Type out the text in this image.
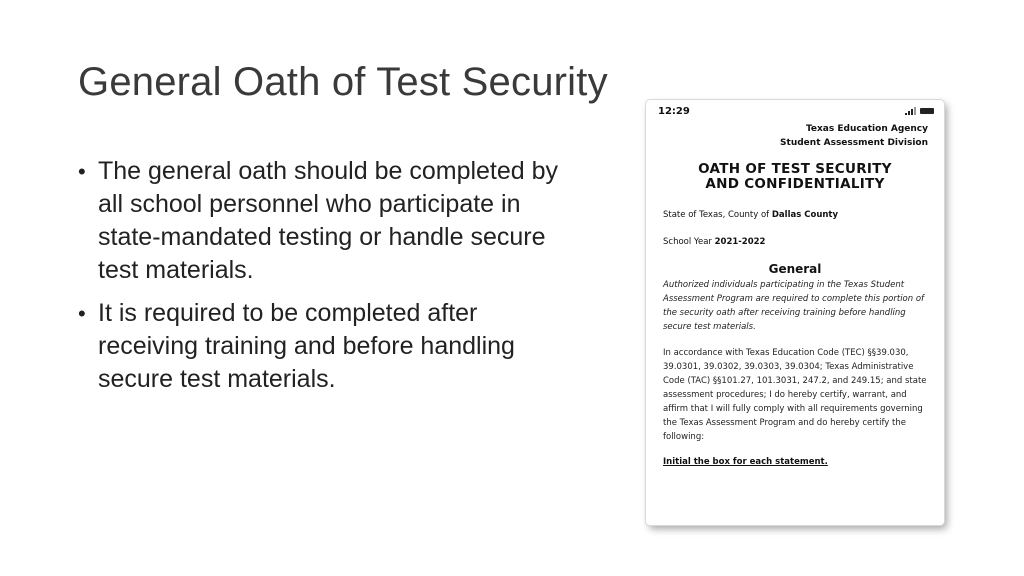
General Oath of Test Security
• The general oath should be completed by all school personnel who participate in state-mandated testing or handle secure test materials.
• It is required to be completed after receiving training and before handling secure test materials.
12:29
Texas Education Agency
Student Assessment Division
OATH OF TEST SECURITY
AND CONFIDENTIALITY
State of Texas, County of Dallas County
School Year 2021-2022
General
Authorized individuals participating in the Texas Student Assessment Program are required to complete this portion of the security oath after receiving training before handling secure test materials.
In accordance with Texas Education Code (TEC) §§39.030, 39.0301, 39.0302, 39.0303, 39.0304; Texas Administrative Code (TAC) §§101.27, 101.3031, 247.2, and 249.15; and state assessment procedures; I do hereby certify, warrant, and affirm that I will fully comply with all requirements governing the Texas Assessment Program and do hereby certify the following:
Initial the box for each statement.
